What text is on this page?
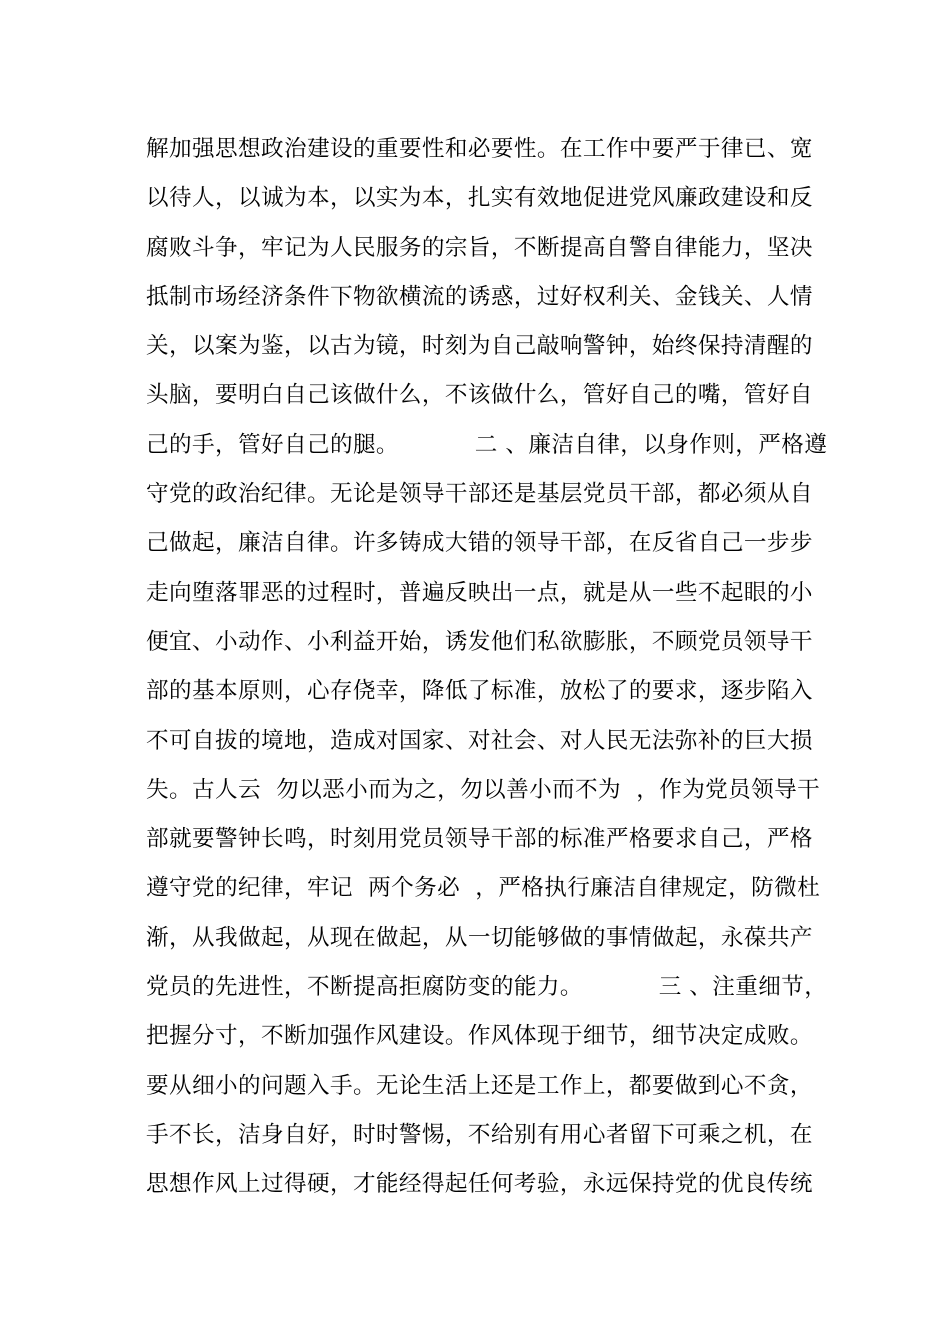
解加强思想政治建设的重要性和必要性。在工作中要严于律已、宽
以待人，以诚为本，以实为本，扎实有效地促进党风廉政建设和反
腐败斗争，牢记为人民服务的宗旨，不断提高自警自律能力，坚决
抵制市场经济条件下物欲横流的诱惑，过好权利关、金钱关、人情
关，以案为鉴，以古为镜，时刻为自己敲响警钟，始终保持清醒的
头脑，要明白自己该做什么，不该做什么，管好自己的嘴，管好自
己的手，管好自己的腿。          二 、廉洁自律，以身作则，严格遵
守党的政治纪律。无论是领导干部还是基层党员干部，都必须从自
己做起，廉洁自律。许多铸成大错的领导干部，在反省自己一步步
走向堕落罪恶的过程时，普遍反映出一点，就是从一些不起眼的小
便宜、小动作、小利益开始，诱发他们私欲膨胀，不顾党员领导干
部的基本原则，心存侥幸，降低了标准，放松了的要求，逐步陷入
不可自拔的境地，造成对国家、对社会、对人民无法弥补的巨大损
失。古人云  勿以恶小而为之，勿以善小而不为  ，作为党员领导干
部就要警钟长鸣，时刻用党员领导干部的标准严格要求自己，严格
遵守党的纪律，牢记  两个务必  ，严格执行廉洁自律规定，防微杜
渐，从我做起，从现在做起，从一切能够做的事情做起，永葆共产
党员的先进性，不断提高拒腐防变的能力。          三 、注重细节，
把握分寸，不断加强作风建设。作风体现于细节，细节决定成败。
要从细小的问题入手。无论生活上还是工作上，都要做到心不贪，
手不长，洁身自好，时时警惕，不给别有用心者留下可乘之机，在
思想作风上过得硬，才能经得起任何考验，永远保持党的优良传统
